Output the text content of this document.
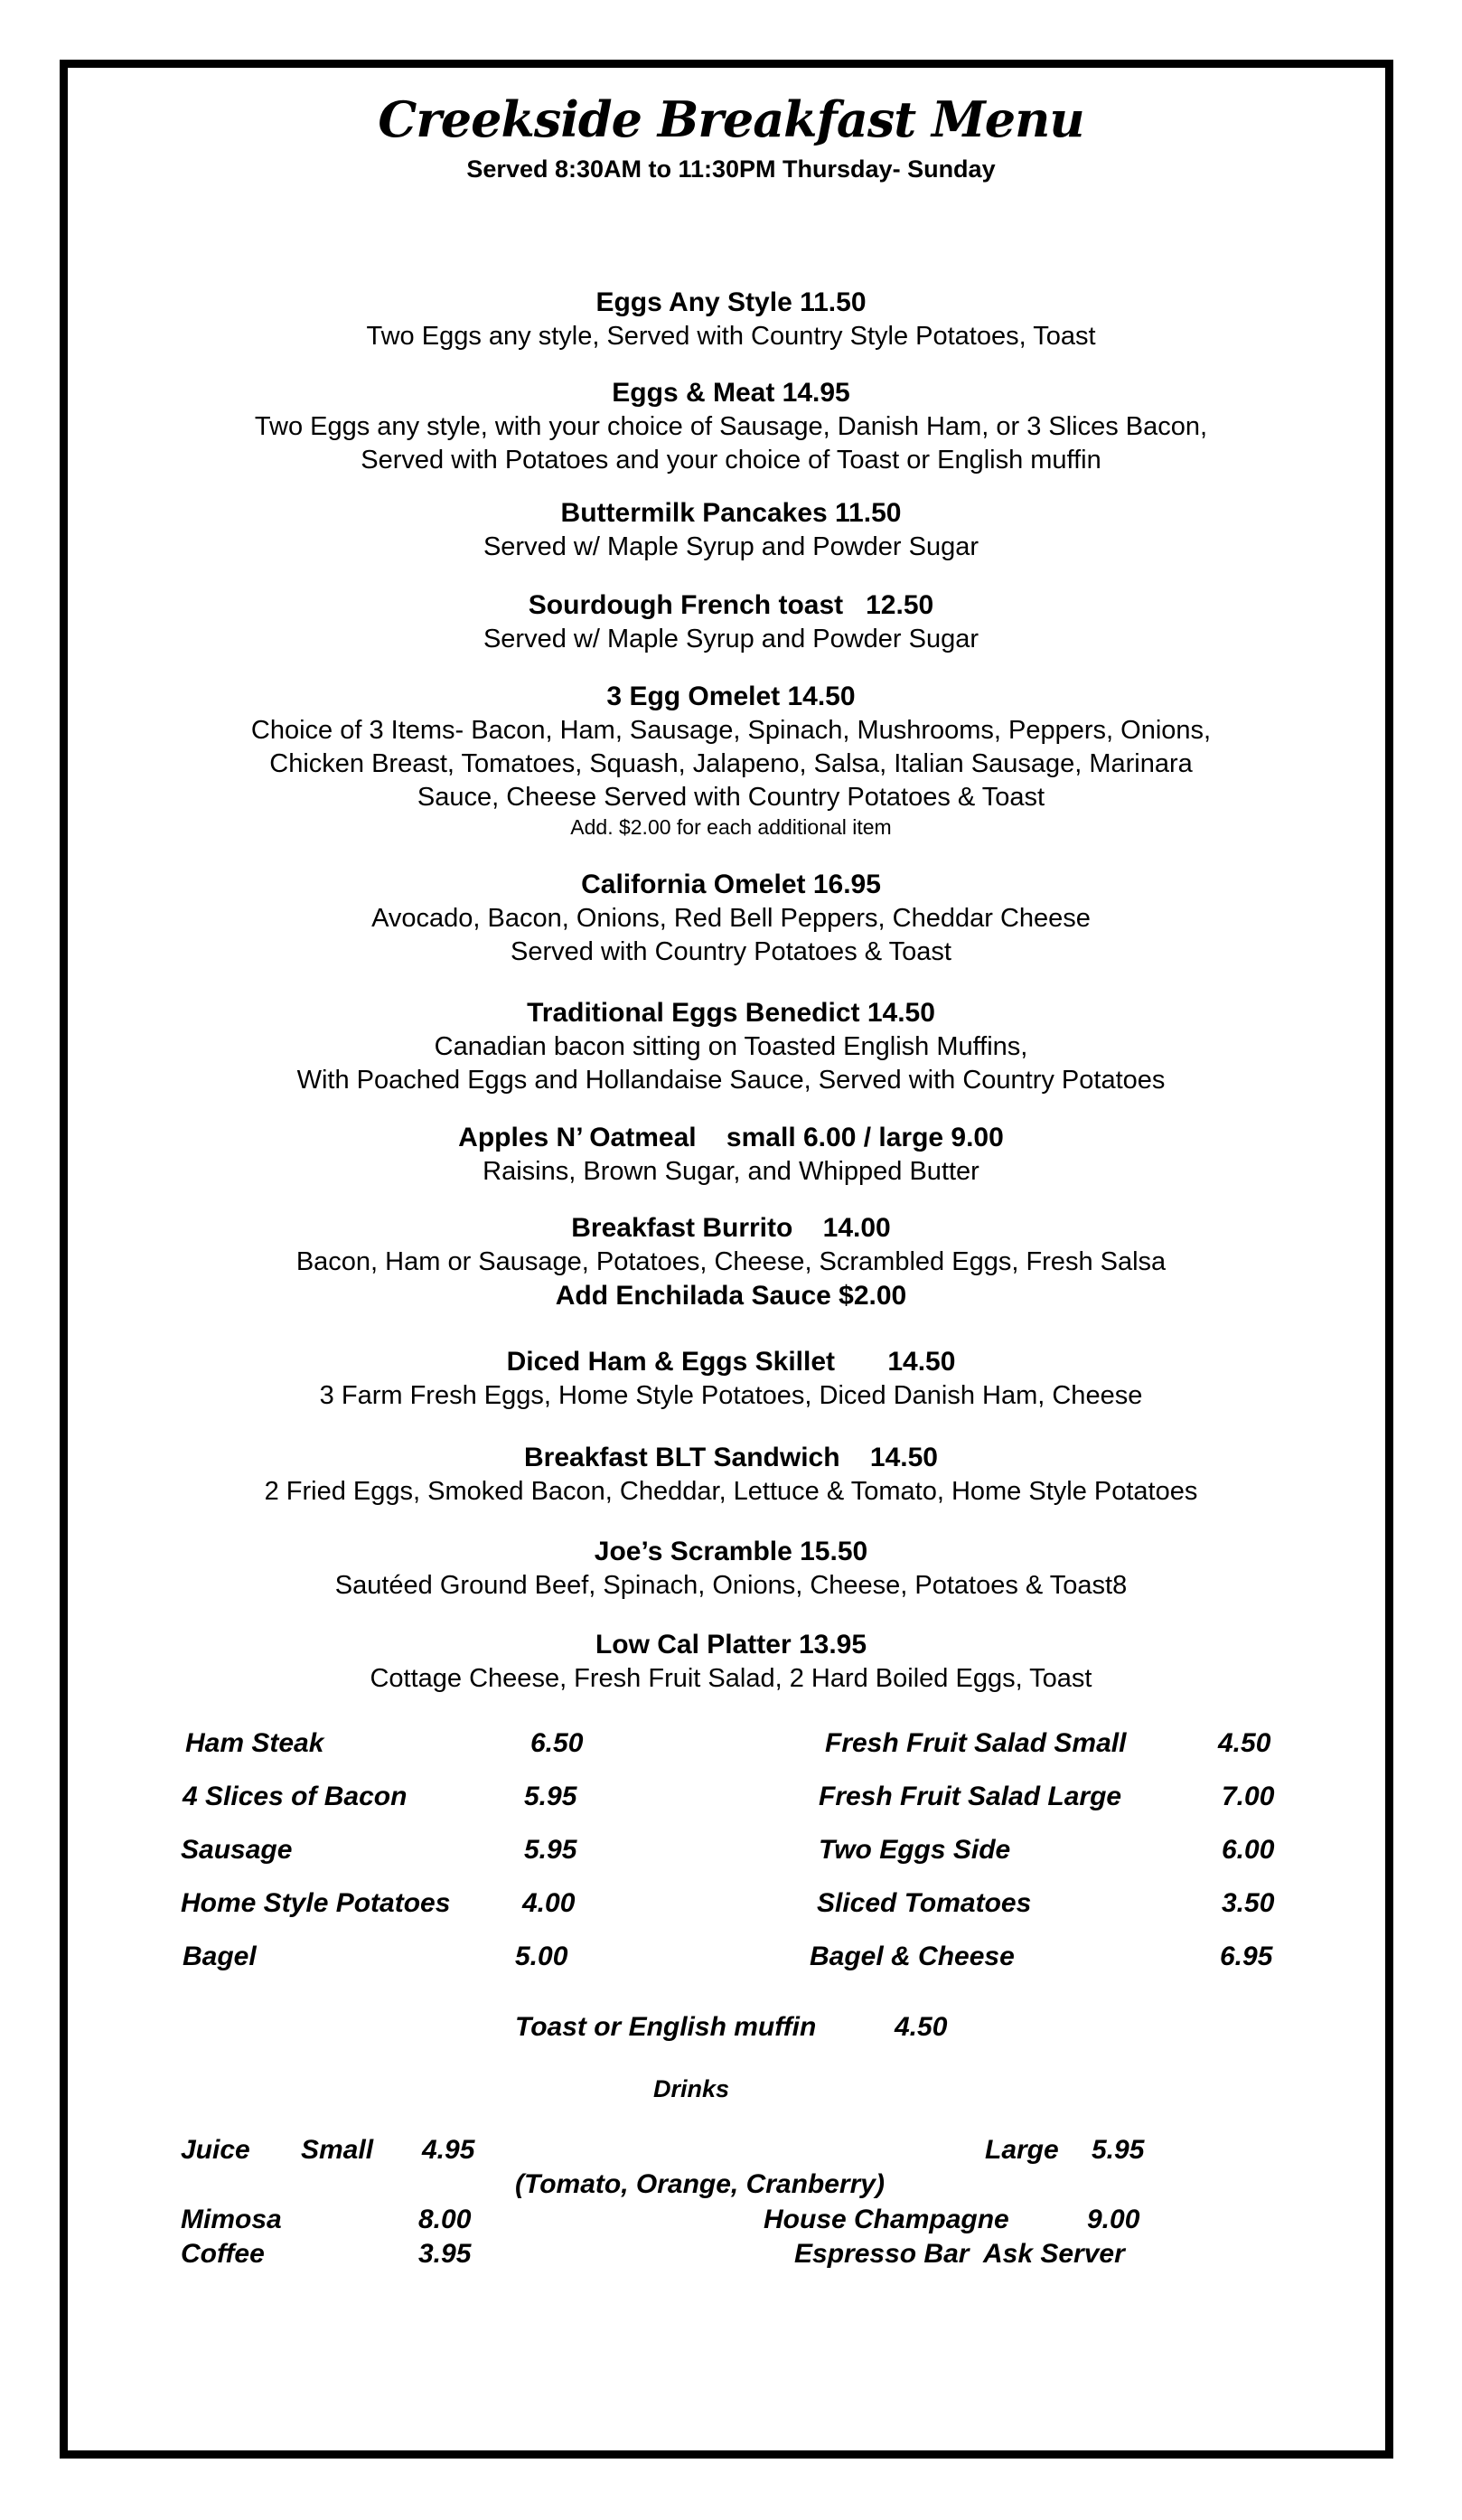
Creekside Breakfast Menu
Served 8:30AM to 11:30PM Thursday- Sunday
Eggs Any Style 11.50
Two Eggs any style, Served with Country Style Potatoes, Toast
Eggs & Meat 14.95
Two Eggs any style, with your choice of Sausage, Danish Ham, or 3 Slices Bacon,
Served with Potatoes and your choice of Toast or English muffin
Buttermilk Pancakes 11.50
Served w/ Maple Syrup and Powder Sugar
Sourdough French toast   12.50
Served w/ Maple Syrup and Powder Sugar
3 Egg Omelet 14.50
Choice of 3 Items- Bacon, Ham, Sausage, Spinach, Mushrooms, Peppers, Onions,
Chicken Breast, Tomatoes, Squash, Jalapeno, Salsa, Italian Sausage, Marinara
Sauce, Cheese Served with Country Potatoes & Toast
Add. $2.00 for each additional item
California Omelet 16.95
Avocado, Bacon, Onions, Red Bell Peppers, Cheddar Cheese
Served with Country Potatoes & Toast
Traditional Eggs Benedict 14.50
Canadian bacon sitting on Toasted English Muffins,
With Poached Eggs and Hollandaise Sauce, Served with Country Potatoes
Apples N’ Oatmeal    small 6.00 / large 9.00
Raisins, Brown Sugar, and Whipped Butter
Breakfast Burrito    14.00
Bacon, Ham or Sausage, Potatoes, Cheese, Scrambled Eggs, Fresh Salsa
Add Enchilada Sauce $2.00
Diced Ham & Eggs Skillet       14.50
3 Farm Fresh Eggs, Home Style Potatoes, Diced Danish Ham, Cheese
Breakfast BLT Sandwich    14.50
2 Fried Eggs, Smoked Bacon, Cheddar, Lettuce & Tomato, Home Style Potatoes
Joe’s Scramble 15.50
Sautéed Ground Beef, Spinach, Onions, Cheese, Potatoes & Toast8
Low Cal Platter 13.95
Cottage Cheese, Fresh Fruit Salad, 2 Hard Boiled Eggs, Toast
Ham Steak	6.50
4 Slices of Bacon	5.95
Sausage	5.95
Home Style Potatoes	4.00
Bagel	5.00
Fresh Fruit Salad Small	4.50
Fresh Fruit Salad Large	7.00
Two Eggs Side	6.00
Sliced Tomatoes	3.50
Bagel & Cheese	6.95
Toast or English muffin	4.50
Drinks
Juice Small 4.95	Large 5.95
(Tomato, Orange, Cranberry)
Mimosa	8.00	House Champagne	9.00
Coffee	3.95	Espresso Bar  Ask Server
